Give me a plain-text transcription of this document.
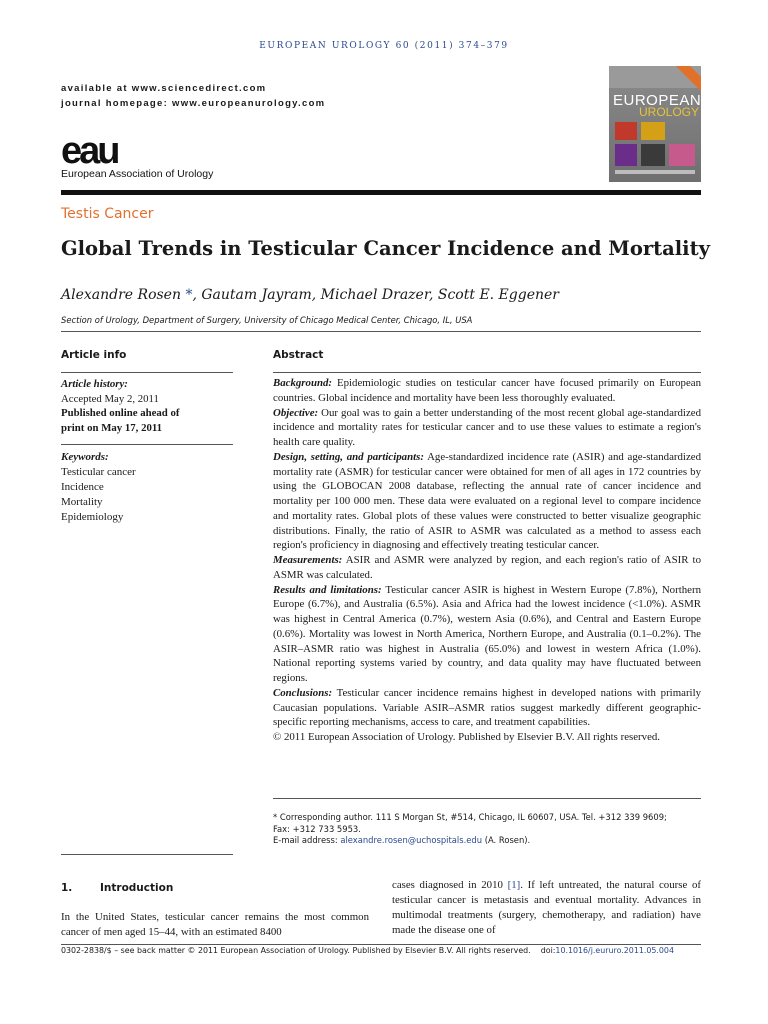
EUROPEAN UROLOGY 60 (2011) 374–379
available at www.sciencedirect.com
journal homepage: www.europeanurology.com
eau
European Association of Urology
EUROPEAN
UROLOGY
Testis Cancer
Global Trends in Testicular Cancer Incidence and Mortality
Alexandre Rosen *, Gautam Jayram, Michael Drazer, Scott E. Eggener
Section of Urology, Department of Surgery, University of Chicago Medical Center, Chicago, IL, USA
Article info	Abstract
Article history:
Accepted May 2, 2011
Published online ahead of
print on May 17, 2011
Keywords:
Testicular cancer
Incidence
Mortality
Epidemiology

Background: Epidemiologic studies on testicular cancer have focused primarily on European countries. Global incidence and mortality have been less thoroughly evaluated.

Objective: Our goal was to gain a better understanding of the most recent global age-standardized incidence and mortality rates for testicular cancer and to use these values to estimate a region's health care quality.

Design, setting, and participants: Age-standardized incidence rate (ASIR) and age-standardized mortality rate (ASMR) for testicular cancer were obtained for men of all ages in 172 countries by using the GLOBOCAN 2008 database, reflecting the annual rate of cancer incidence and mortality per 100 000 men. These data were evaluated on a regional level to compare incidence and mortality rates. Global plots of these values were constructed to better visualize geographic distributions. Finally, the ratio of ASIR to ASMR was calculated as a method to assess each region's proficiency in diagnosing and effectively treating testicular cancer.

Measurements: ASIR and ASMR were analyzed by region, and each region's ratio of ASIR to ASMR was calculated.

Results and limitations: Testicular cancer ASIR is highest in Western Europe (7.8%), Northern Europe (6.7%), and Australia (6.5%). Asia and Africa had the lowest incidence (<1.0%). ASMR was highest in Central America (0.7%), western Asia (0.6%), and Central and Eastern Europe (0.6%). Mortality was lowest in North America, Northern Europe, and Australia (0.1–0.2%). The ASIR–ASMR ratio was highest in Australia (65.0%) and lowest in western Africa (1.0%). National reporting systems varied by country, and data quality may have fluctuated between regions.

Conclusions: Testicular cancer incidence remains highest in developed nations with primarily Caucasian populations. Variable ASIR–ASMR ratios suggest markedly different geographic-specific reporting mechanisms, access to care, and treatment capabilities.

© 2011 European Association of Urology. Published by Elsevier B.V. All rights reserved.

* Corresponding author. 111 S Morgan St, #514, Chicago, IL 60607, USA. Tel. +312 339 9609;
Fax: +312 733 5953.
E-mail address: alexandre.rosen@uchospitals.edu (A. Rosen).
1.	Introduction
In the United States, testicular cancer remains the most common cancer of men aged 15–44, with an estimated 8400
cases diagnosed in 2010 [1]. If left untreated, the natural course of testicular cancer is metastasis and eventual mortality. Advances in multimodal treatments (surgery, chemotherapy, and radiation) have made the disease one of
0302-2838/$ – see back matter © 2011 European Association of Urology. Published by Elsevier B.V. All rights reserved. doi:10.1016/j.eururo.2011.05.004
